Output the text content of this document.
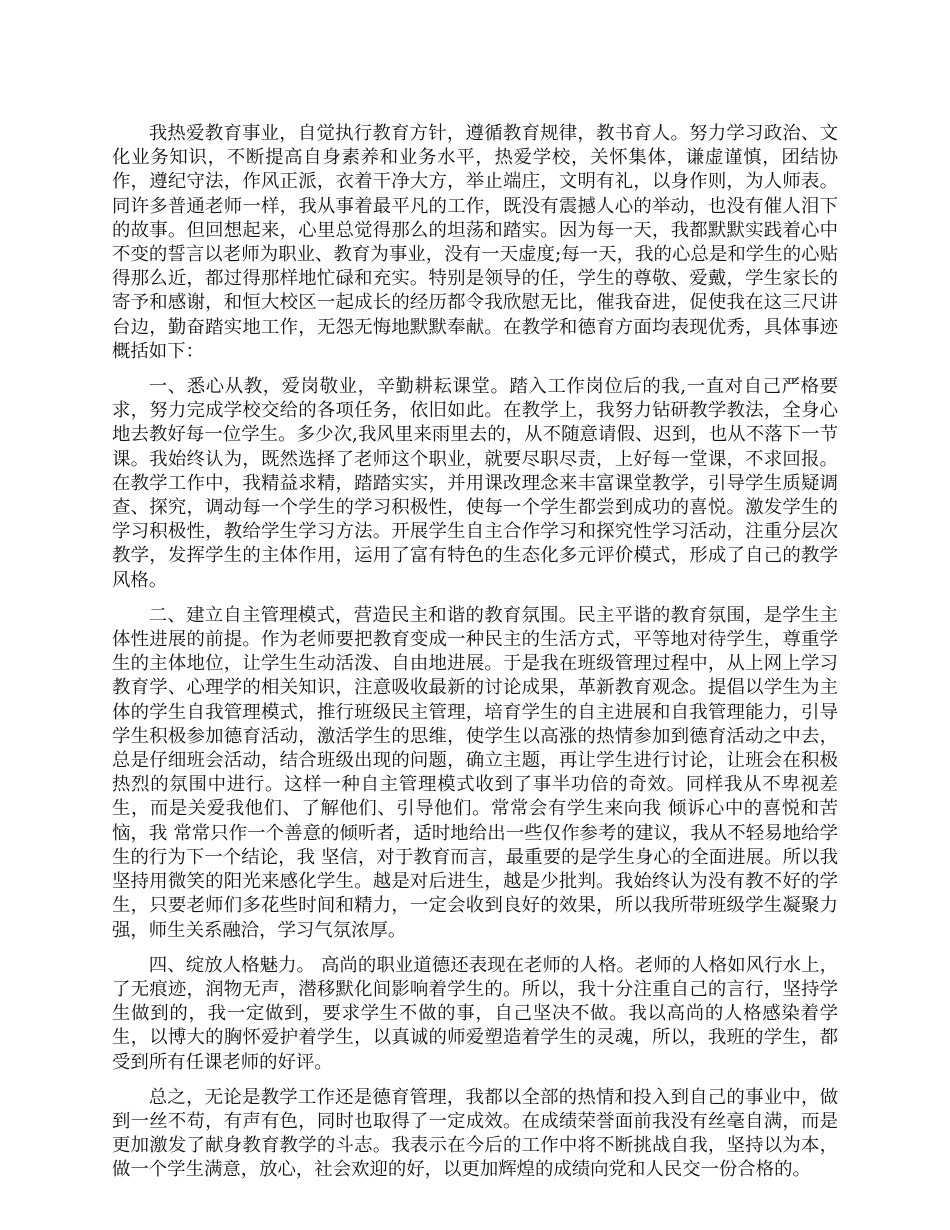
我热爱教育事业，自觉执行教育方针，遵循教育规律，教书育人。努力学习政治、文化业务知识，不断提高自身素养和业务水平，热爱学校，关怀集体，谦虚谨慎，团结协作，遵纪守法，作风正派，衣着干净大方，举止端庄，文明有礼，以身作则，为人师表。同许多普通老师一样，我从事着最平凡的工作，既没有震撼人心的举动，也没有催人泪下的故事。但回想起来，心里总觉得那么的坦荡和踏实。因为每一天，我都默默实践着心中不变的誓言以老师为职业、教育为事业，没有一天虚度;每一天，我的心总是和学生的心贴得那么近，都过得那样地忙碌和充实。特别是领导的任，学生的尊敬、爱戴，学生家长的寄予和感谢，和恒大校区一起成长的经历都令我欣慰无比，催我奋进，促使我在这三尺讲台边，勤奋踏实地工作，无怨无悔地默默奉献。在教学和德育方面均表现优秀，具体事迹概括如下：

一、悉心从教，爱岗敬业，辛勤耕耘课堂。踏入工作岗位后的我,一直对自己严格要求，努力完成学校交给的各项任务，依旧如此。在教学上，我努力钻研教学教法，全身心地去教好每一位学生。多少次,我风里来雨里去的，从不随意请假、迟到，也从不落下一节课。我始终认为，既然选择了老师这个职业，就要尽职尽责，上好每一堂课，不求回报。在教学工作中，我精益求精，踏踏实实，并用课改理念来丰富课堂教学，引导学生质疑调查、探究，调动每一个学生的学习积极性，使每一个学生都尝到成功的喜悦。激发学生的学习积极性，教给学生学习方法。开展学生自主合作学习和探究性学习活动，注重分层次教学，发挥学生的主体作用，运用了富有特色的生态化多元评价模式，形成了自己的教学风格。

二、建立自主管理模式，营造民主和谐的教育氛围。民主平谐的教育氛围，是学生主体性进展的前提。作为老师要把教育变成一种民主的生活方式，平等地对待学生，尊重学生的主体地位，让学生生动活泼、自由地进展。于是我在班级管理过程中，从上网上学习教育学、心理学的相关知识，注意吸收最新的讨论成果，革新教育观念。提倡以学生为主体的学生自我管理模式，推行班级民主管理，培育学生的自主进展和自我管理能力，引导学生积极参加德育活动，激活学生的思维，使学生以高涨的热情参加到德育活动之中去，总是仔细班会活动，结合班级出现的问题，确立主题，再让学生进行讨论，让班会在积极热烈的氛围中进行。这样一种自主管理模式收到了事半功倍的奇效。同样我从不卑视差生，而是关爱我他们、了解他们、引导他们。常常会有学生来向我 倾诉心中的喜悦和苦恼，我 常常只作一个善意的倾听者，适时地给出一些仅作参考的建议，我从不轻易地给学生的行为下一个结论，我 坚信，对于教育而言，最重要的是学生身心的全面进展。所以我 坚持用微笑的阳光来感化学生。越是对后进生，越是少批判。我始终认为没有教不好的学生，只要老师们多花些时间和精力，一定会收到良好的效果，所以我所带班级学生凝聚力强，师生关系融洽，学习气氛浓厚。

四、绽放人格魅力。 高尚的职业道德还表现在老师的人格。老师的人格如风行水上，了无痕迹，润物无声，潜移默化间影响着学生的。所以，我十分注重自己的言行，坚持学生做到的，我一定做到，要求学生不做的事，自己坚决不做。我以高尚的人格感染着学生，以博大的胸怀爱护着学生，以真诚的师爱塑造着学生的灵魂，所以，我班的学生，都受到所有任课老师的好评。

总之，无论是教学工作还是德育管理，我都以全部的热情和投入到自己的事业中，做到一丝不苟，有声有色，同时也取得了一定成效。在成绩荣誉面前我没有丝毫自满，而是更加激发了献身教育教学的斗志。我表示在今后的工作中将不断挑战自我，坚持以为本，做一个学生满意，放心，社会欢迎的好，以更加辉煌的成绩向党和人民交一份合格的。
